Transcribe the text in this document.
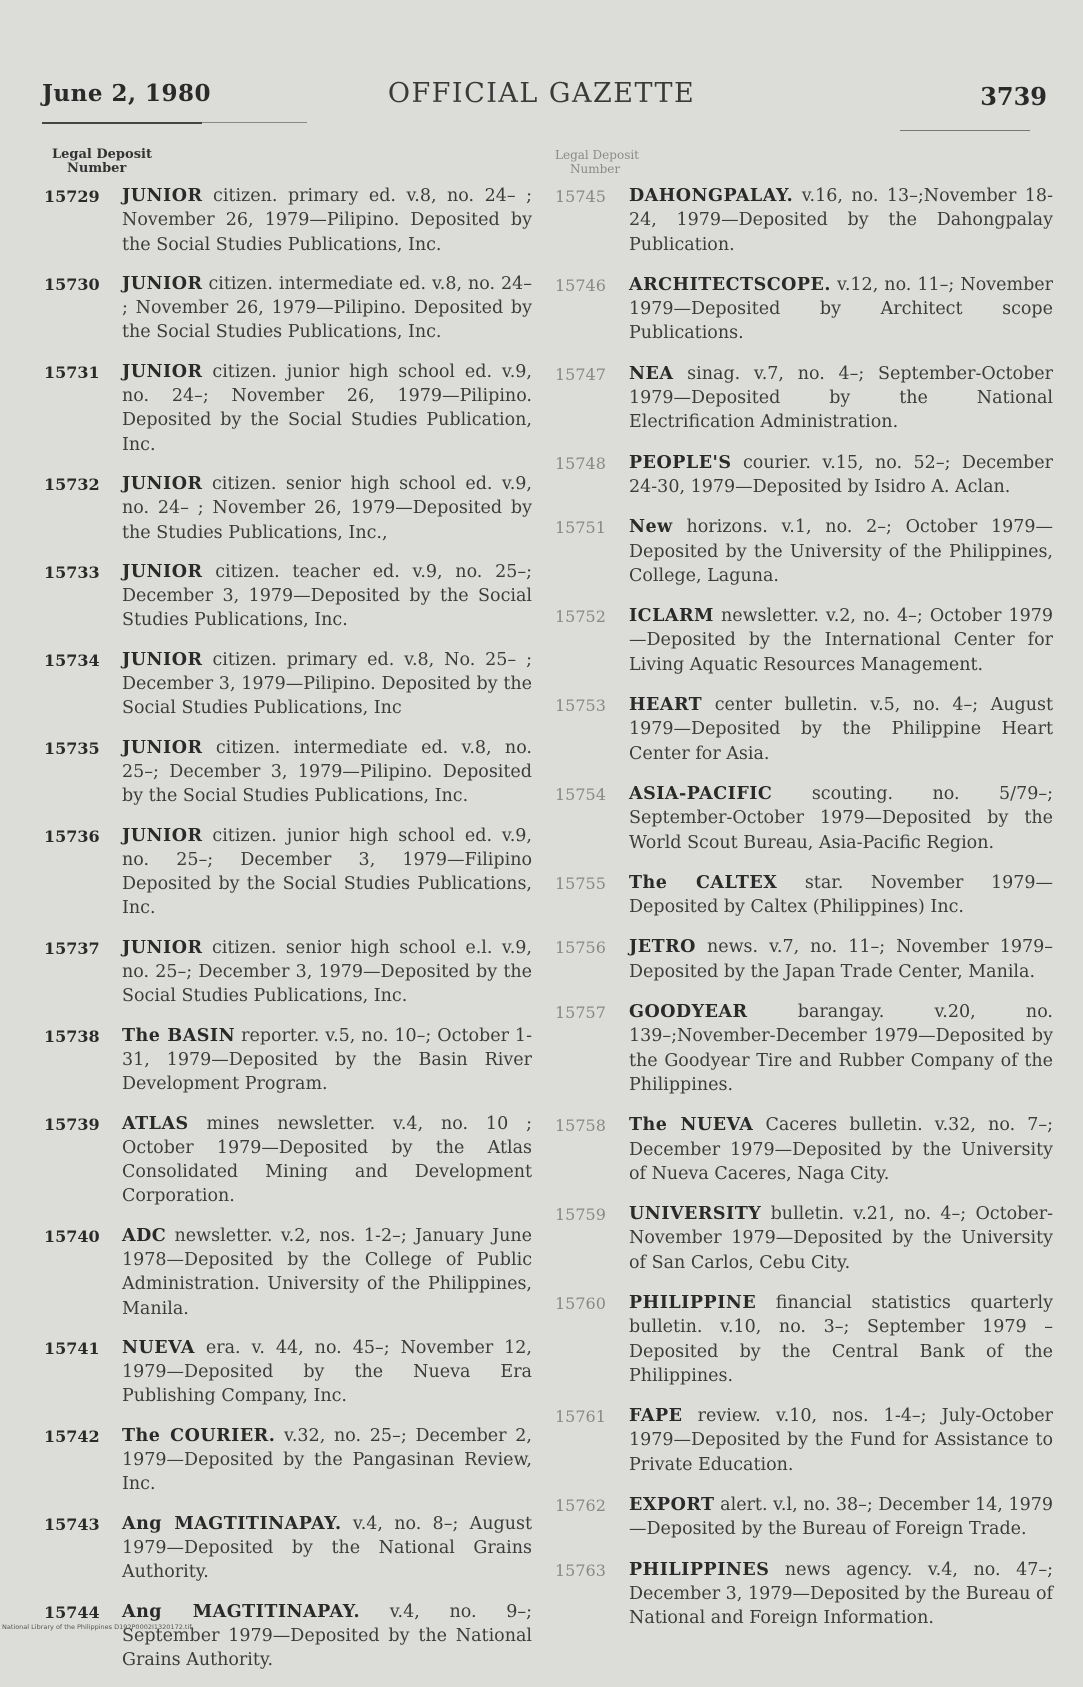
June 2, 1980	OFFICIAL GAZETTE	3739
Legal Deposit
Number
15729 JUNIOR citizen. primary ed. v.8, no. 24– ; November 26, 1979—Pilipino. Deposited by the Social Studies Publications, Inc.
15730 JUNIOR citizen. intermediate ed. v.8, no. 24– ; November 26, 1979—Pilipino. Deposited by the Social Studies Publications, Inc.
15731 JUNIOR citizen. junior high school ed. v.9, no. 24–; November 26, 1979—Pilipino. Deposited by the Social Studies Publication, Inc.
15732 JUNIOR citizen. senior high school ed. v.9, no. 24– ; November 26, 1979—Deposited by the Studies Publications, Inc.,
15733 JUNIOR citizen. teacher ed. v.9, no. 25–; December 3, 1979—Deposited by the Social Studies Publications, Inc.
15734 JUNIOR citizen. primary ed. v.8, No. 25– ; December 3, 1979—Pilipino. Deposited by the Social Studies Publications, Inc
15735 JUNIOR citizen. intermediate ed. v.8, no. 25–; December 3, 1979—Pilipino. Deposited by the Social Studies Publications, Inc.
15736 JUNIOR citizen. junior high school ed. v.9, no. 25–; December 3, 1979—Filipino Deposited by the Social Studies Publications, Inc.
15737 JUNIOR citizen. senior high school e.l. v.9, no. 25–; December 3, 1979—Deposited by the Social Studies Publications, Inc.
15738 The BASIN reporter. v.5, no. 10–; October 1-31, 1979—Deposited by the Basin River Development Program.
15739 ATLAS mines newsletter. v.4, no. 10 ; October 1979—Deposited by the Atlas Consolidated Mining and Development Corporation.
15740 ADC newsletter. v.2, nos. 1-2–; January June 1978—Deposited by the College of Public Administration. University of the Philippines, Manila.
15741 NUEVA era. v. 44, no. 45–; November 12, 1979—Deposited by the Nueva Era Publishing Company, Inc.
15742 The COURIER. v.32, no. 25–; December 2, 1979—Deposited by the Pangasinan Review, Inc.
15743 Ang MAGTITINAPAY. v.4, no. 8–; August 1979—Deposited by the National Grains Authority.
15744 Ang MAGTITINAPAY. v.4, no. 9–; September 1979—Deposited by the National Grains Authority.
Legal Deposit
Number
15745 DAHONGPALAY. v.16, no. 13–;November 18-24, 1979—Deposited by the Dahongpalay Publication.
15746 ARCHITECTSCOPE. v.12, no. 11–; November 1979—Deposited by Architect scope Publications.
15747 NEA sinag. v.7, no. 4–; September-October 1979—Deposited by the National Electrification Administration.
15748 PEOPLE'S courier. v.15, no. 52–; December 24-30, 1979—Deposited by Isidro A. Aclan.
15751 New horizons. v.1, no. 2–; October 1979—Deposited by the University of the Philippines, College, Laguna.
15752 ICLARM newsletter. v.2, no. 4–; October 1979—Deposited by the International Center for Living Aquatic Resources Management.
15753 HEART center bulletin. v.5, no. 4–; August 1979—Deposited by the Philippine Heart Center for Asia.
15754 ASIA-PACIFIC scouting. no. 5/79–; September-October 1979—Deposited by the World Scout Bureau, Asia-Pacific Region.
15755 The CALTEX star. November 1979—Deposited by Caltex (Philippines) Inc.
15756 JETRO news. v.7, no. 11–; November 1979–Deposited by the Japan Trade Center, Manila.
15757 GOODYEAR	barangay. v.20, no. 139–;November-December 1979—Deposited by the Goodyear Tire and Rubber Company of the Philippines.
15758 The NUEVA Caceres bulletin. v.32, no. 7–; December 1979—Deposited by the University of Nueva Caceres, Naga City.
15759 UNIVERSITY bulletin. v.21, no. 4–; October-November 1979—Deposited by the University of San Carlos, Cebu City.
15760 PHILIPPINE financial statistics quarterly bulletin. v.10, no. 3–; September 1979 – Deposited by the Central Bank of the Philippines.
15761 FAPE review. v.10, nos. 1-4–; July-October 1979—Deposited by the Fund for Assistance to Private Education.
15762 EXPORT alert. v.l, no. 38–; December 14, 1979—Deposited by the Bureau of Foreign Trade.
15763 PHILIPPINES news agency. v.4, no. 47–; December 3, 1979—Deposited by the Bureau of National and Foreign Information.
National Library of the Philippines D192P0002I1320172.tif
